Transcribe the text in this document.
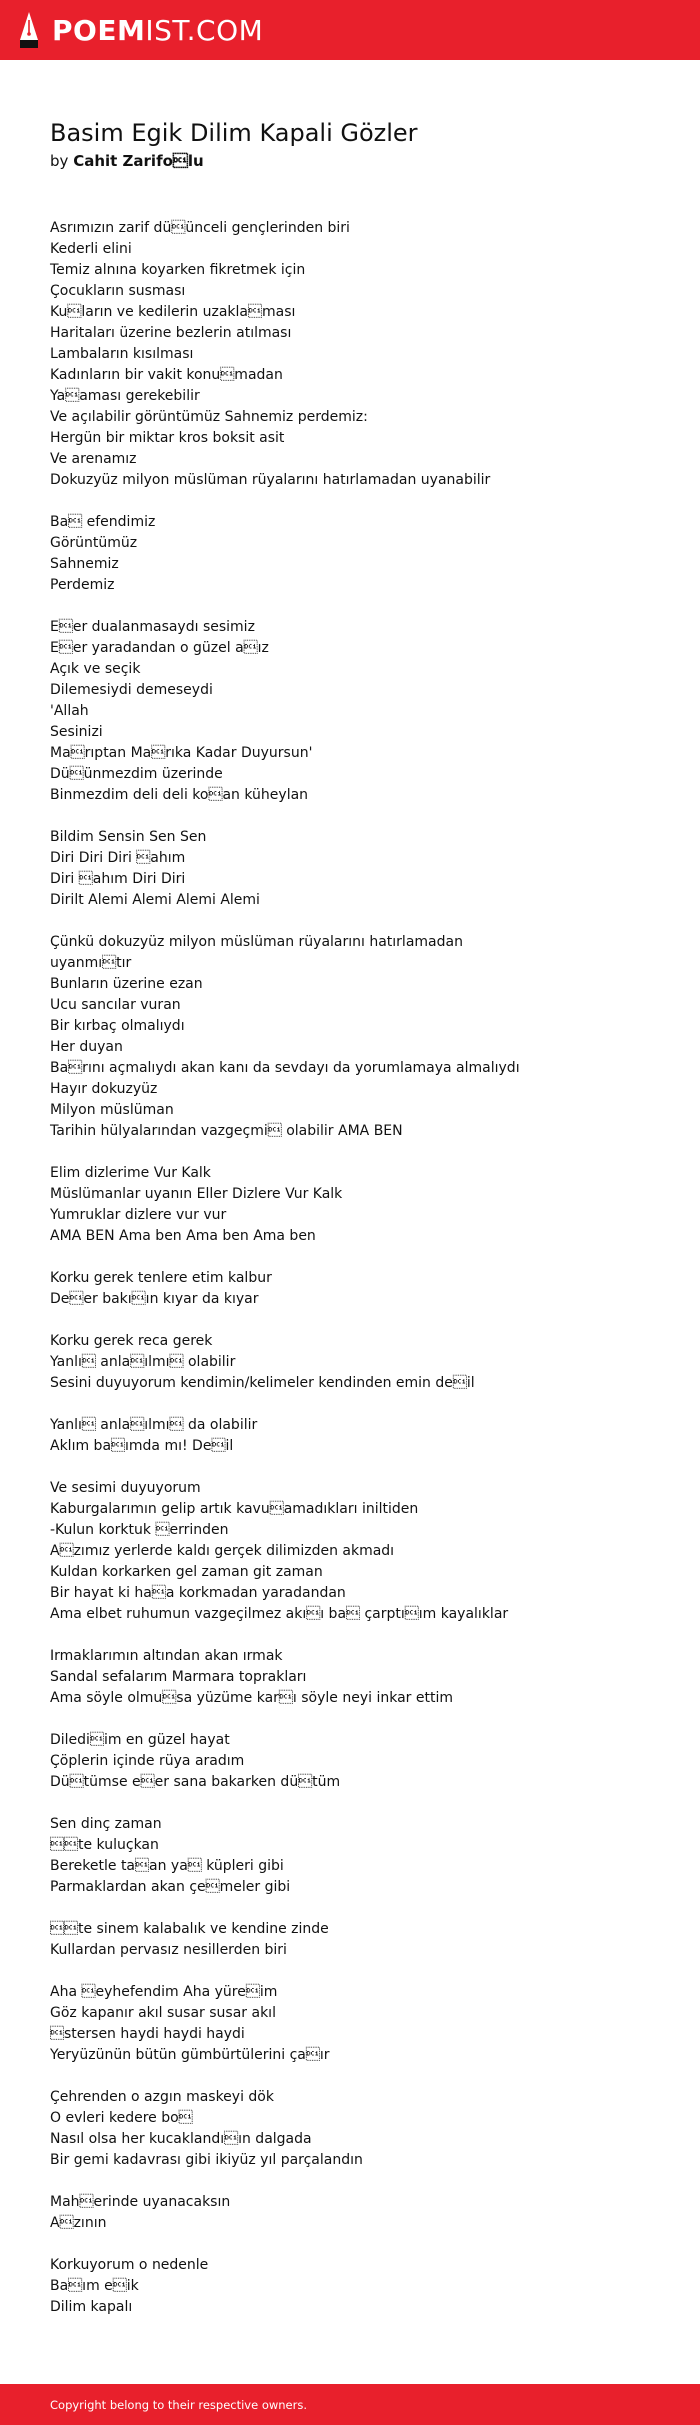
POEMIST.COM
Basim Egik Dilim Kapali Gözler
by Cahit Zarifolu
Asrımızın zarif düünceli gençlerinden biri
Kederli elini
Temiz alnına koyarken fikretmek için
Çocukların susması
Kuların ve kedilerin uzaklaması
Haritaları üzerine bezlerin atılması
Lambaların kısılması
Kadınların bir vakit konumadan
Yaaması gerekebilir
Ve açılabilir görüntümüz Sahnemiz perdemiz:
Hergün bir miktar kros boksit asit
Ve arenamız
Dokuzyüz milyon müslüman rüyalarını hatırlamadan uyanabilir
Ba efendimiz
Görüntümüz
Sahnemiz
Perdemiz
Eer dualanmasaydı sesimiz
Eer yaradandan o güzel aız
Açık ve seçik
Dilemesiydi demeseydi
'Allah
Sesinizi
Marıptan Marıka Kadar Duyursun'
Düünmezdim üzerinde
Binmezdim deli deli koan küheylan
Bildim Sensin Sen Sen
Diri Diri Diri ahım
Diri ahım Diri Diri
Dirilt Alemi Alemi Alemi Alemi
Çünkü dokuzyüz milyon müslüman rüyalarını hatırlamadan
uyanmıtır
Bunların üzerine ezan
Ucu sancılar vuran
Bir kırbaç olmalıydı
Her duyan
Barını açmalıydı akan kanı da sevdayı da yorumlamaya almalıydı
Hayır dokuzyüz
Milyon müslüman
Tarihin hülyalarından vazgeçmi olabilir AMA BEN
Elim dizlerime Vur Kalk
Müslümanlar uyanın Eller Dizlere Vur Kalk
Yumruklar dizlere vur vur
AMA BEN Ama ben Ama ben Ama ben
Korku gerek tenlere etim kalbur
Deer bakıın kıyar da kıyar
Korku gerek reca gerek
Yanlı anlaılmı olabilir
Sesini duyuyorum kendimin/kelimeler kendinden emin deil
Yanlı anlaılmı da olabilir
Aklım baımda mı! Deil
Ve sesimi duyuyorum
Kaburgalarımın gelip artık kavuamadıkları iniltiden
-Kulun korktuk errinden
Azımız yerlerde kaldı gerçek dilimizden akmadı
Kuldan korkarken gel zaman git zaman
Bir hayat ki haa korkmadan yaradandan
Ama elbet ruhumun vazgeçilmez akıı ba çarptıım kayalıklar
Irmaklarımın altından akan ırmak
Sandal sefalarım Marmara toprakları
Ama söyle olmusa yüzüme karı söyle neyi inkar ettim
Dilediim en güzel hayat
Çöplerin içinde rüya aradım
Dütümse eer sana bakarken dütüm
Sen dinç zaman
te kuluçkan
Bereketle taan ya küpleri gibi
Parmaklardan akan çemeler gibi
te sinem kalabalık ve kendine zinde
Kullardan pervasız nesillerden biri
Aha eyhefendim Aha yüreim
Göz kapanır akıl susar susar akıl
stersen haydi haydi haydi
Yeryüzünün bütün gümbürtülerini çaır
Çehrenden o azgın maskeyi dök
O evleri kedere bo
Nasıl olsa her kucaklandıın dalgada
Bir gemi kadavrası gibi ikiyüz yıl parçalandın
Maherinde uyanacaksın
Azının
Korkuyorum o nedenle
Baım eik
Dilim kapalı
Copyright belong to their respective owners.
